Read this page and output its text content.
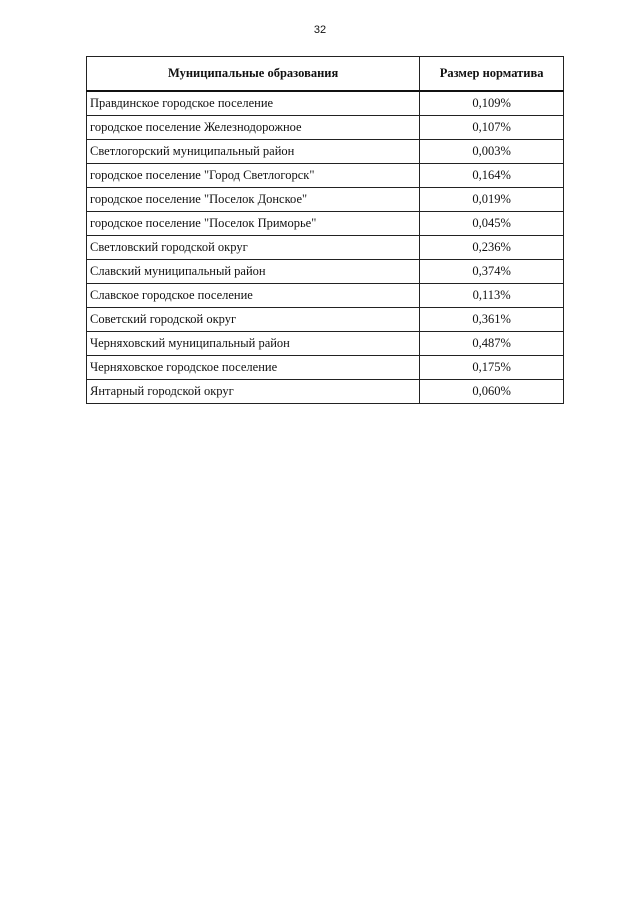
32
Муниципальные образования	Размер норматива
Правдинское городское поселение	0,109%
городское поселение Железнодорожное	0,107%
Светлогорский муниципальный район	0,003%
городское поселение "Город Светлогорск"	0,164%
городское поселение "Поселок Донское"	0,019%
городское поселение "Поселок Приморье"	0,045%
Светловский городской округ	0,236%
Славский муниципальный район	0,374%
Славское городское поселение	0,113%
Советский городской округ	0,361%
Черняховский муниципальный район	0,487%
Черняховское городское поселение	0,175%
Янтарный городской округ	0,060%
